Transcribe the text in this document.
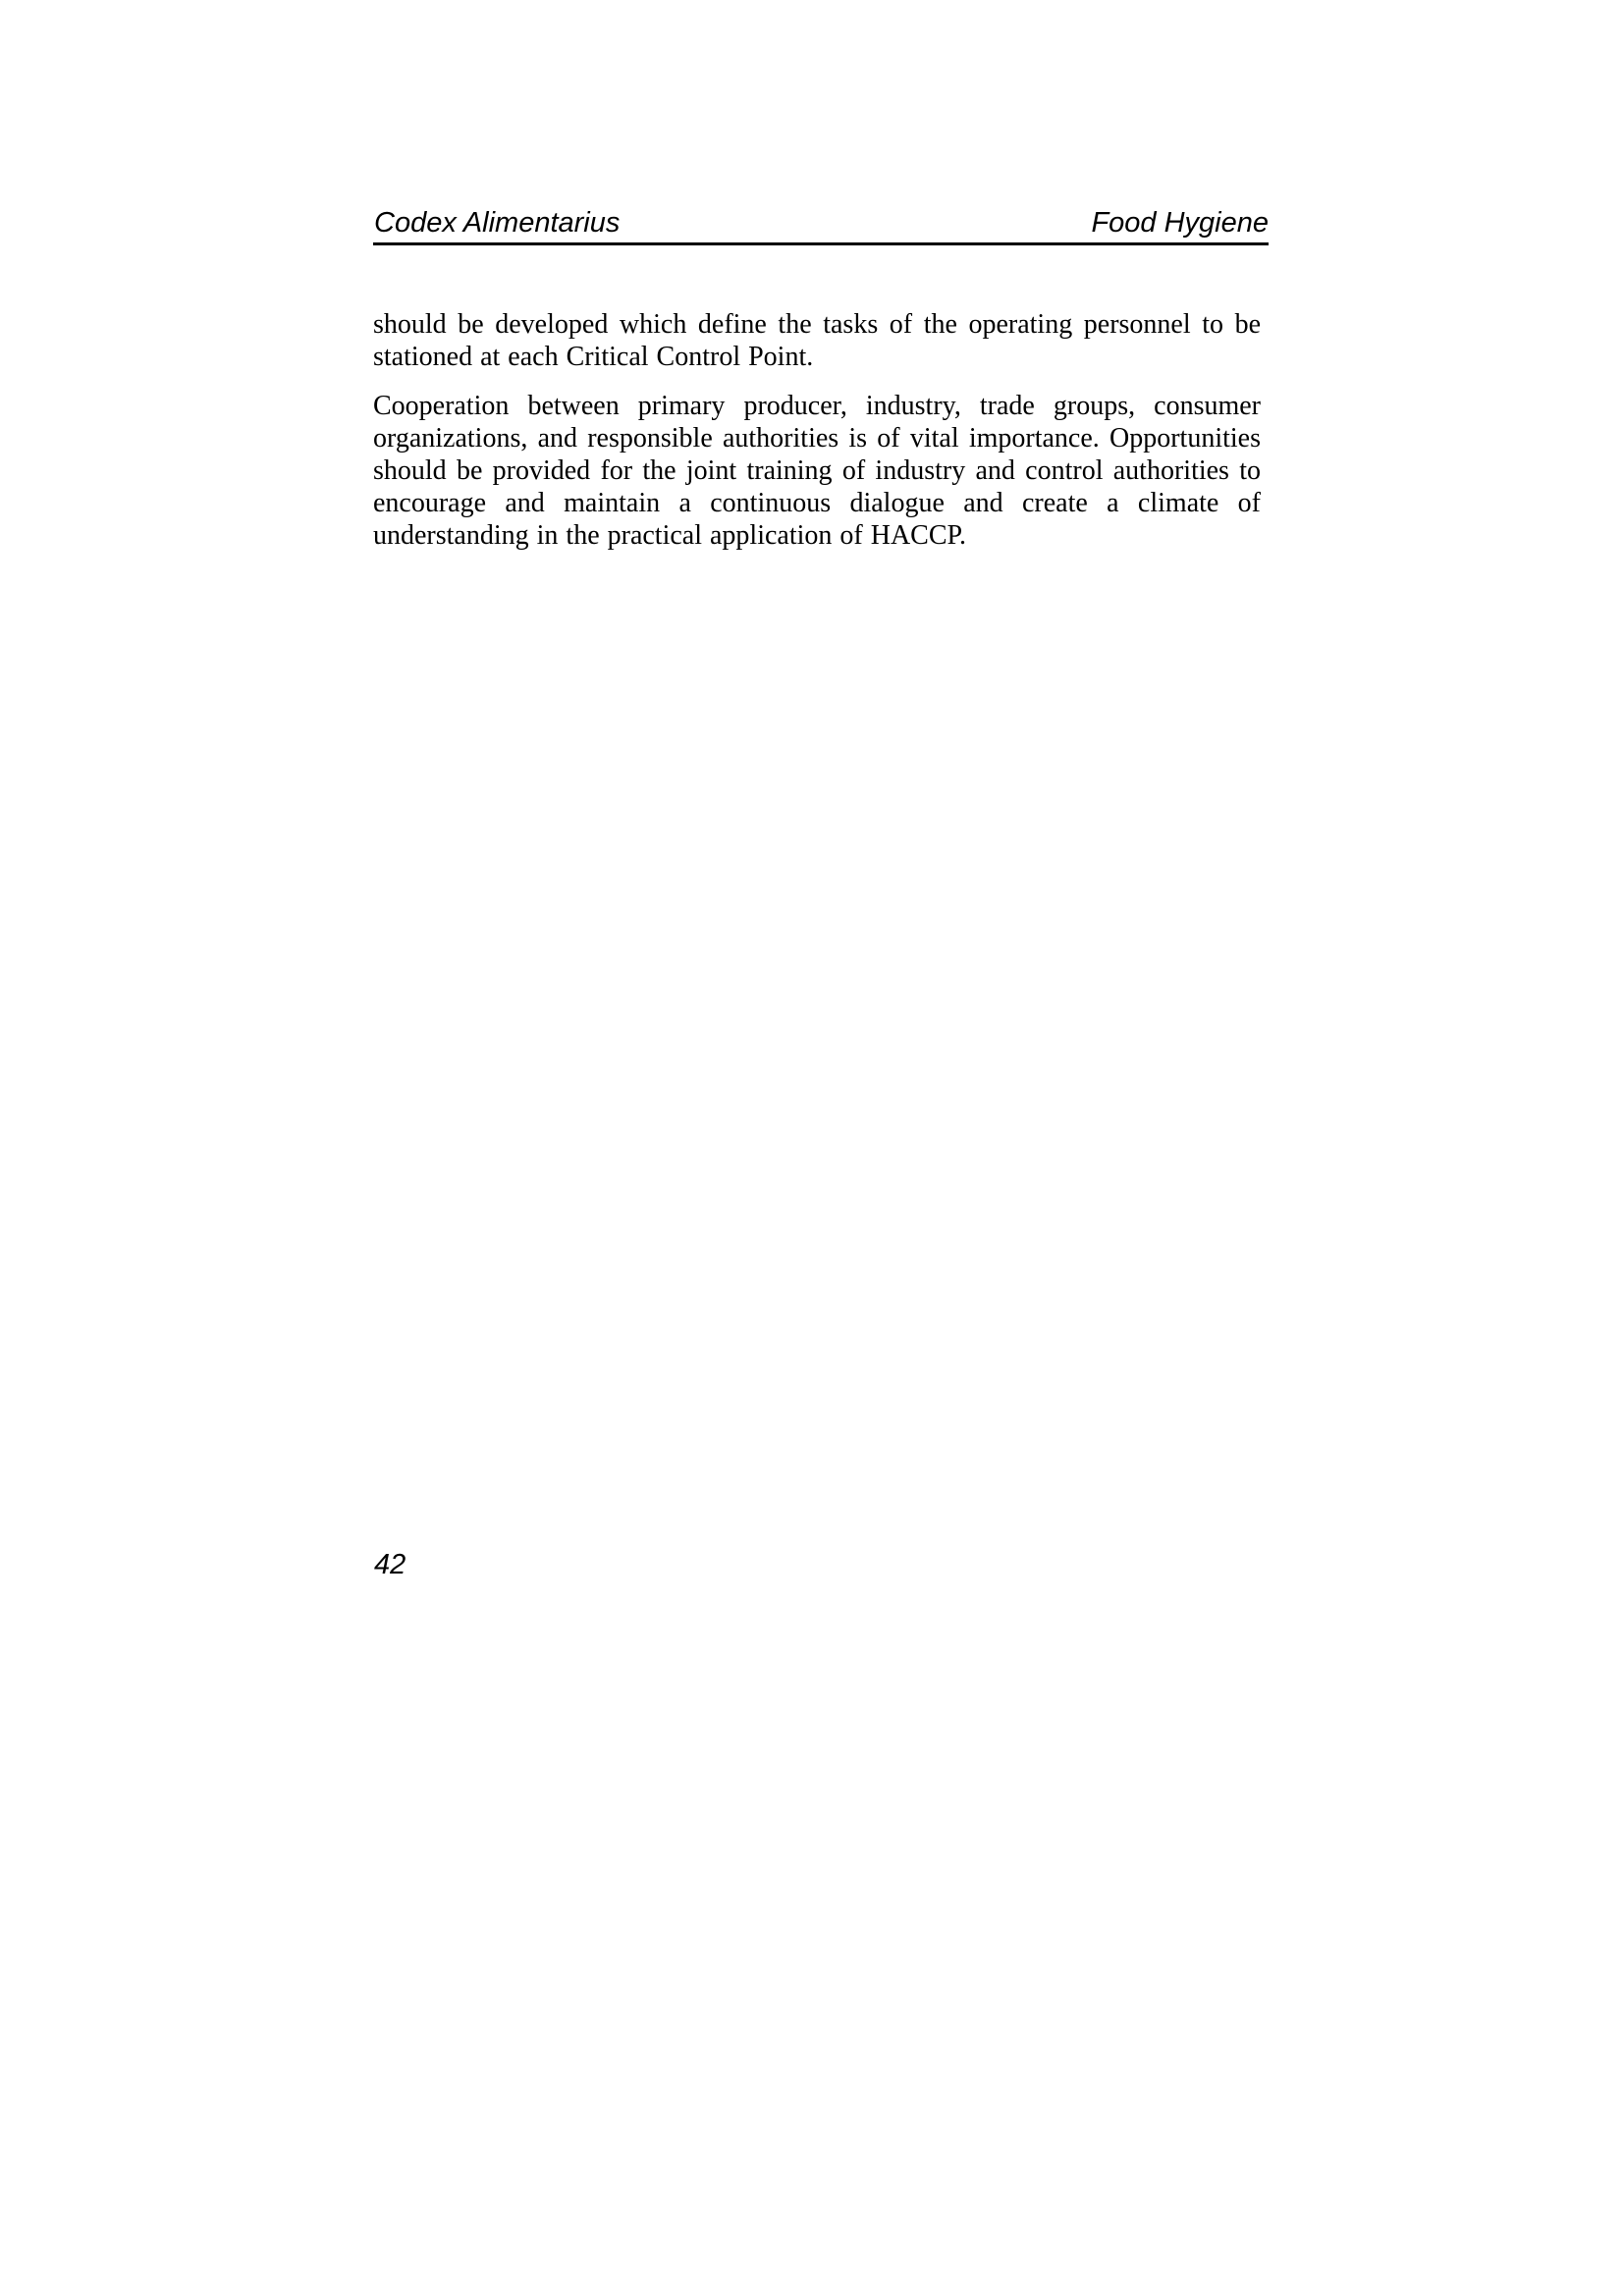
Codex Alimentarius	Food Hygiene

should be developed which define the tasks of the operating personnel to be stationed at each Critical Control Point.

Cooperation between primary producer, industry, trade groups, consumer organizations, and responsible authorities is of vital importance. Opportunities should be provided for the joint training of industry and control authorities to encourage and maintain a continuous dialogue and create a climate of understanding in the practical application of HACCP.

42
